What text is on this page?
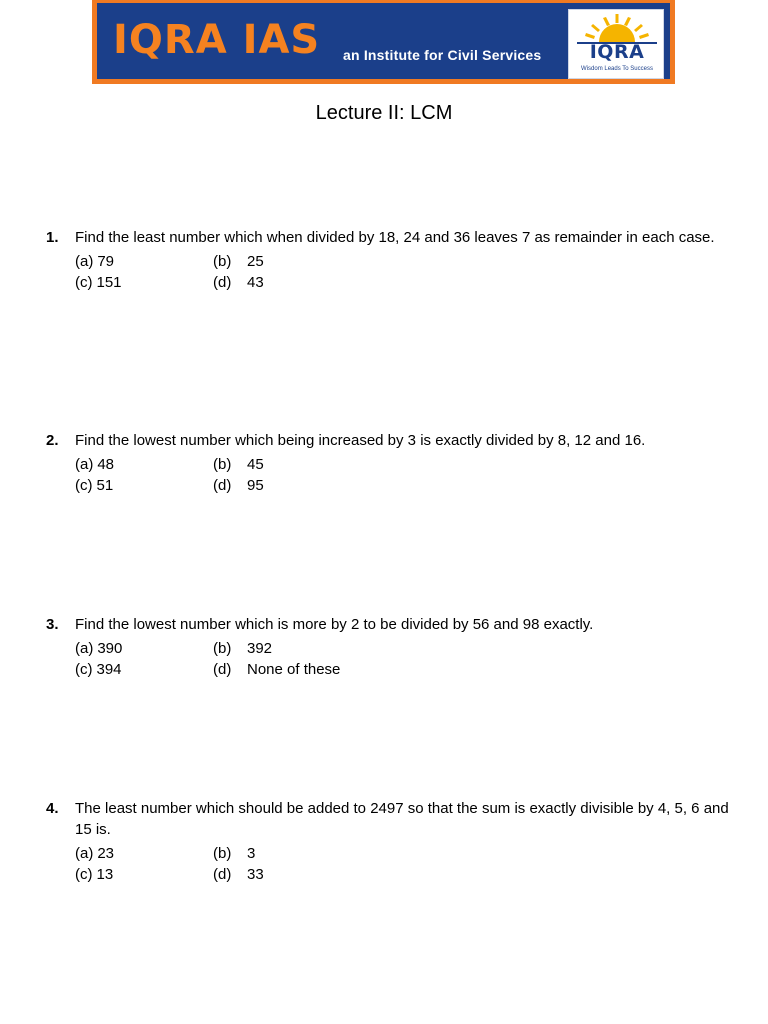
IQRA IAS an Institute for Civil Services	IQRA
Wisdom Leads To Success
Lecture II: LCM
1. Find the least number which when divided by 18, 24 and 36 leaves 7 as remainder in each case.
(a) 79	(b)	25
(c) 151	(d)	43
2. Find the lowest number which being increased by 3 is exactly divided by 8, 12 and 16.
(a) 48	(b)	45
(c) 51	(d)	95
3. Find the lowest number which is more by 2 to be divided by 56 and 98 exactly.
(a) 390	(b)	392
(c) 394	(d)	None of these
4. The least number which should be added to 2497 so that the sum is exactly divisible by 4, 5, 6 and 15 is.
(a) 23	(b)	3
(c) 13	(d)	33
